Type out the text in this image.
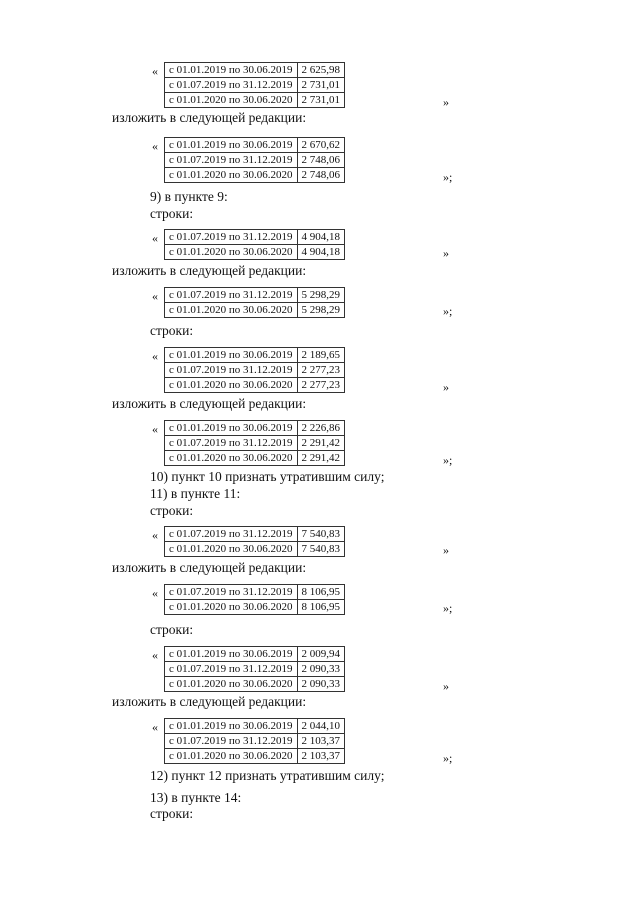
« с 01.01.2019 по 30.06.2019	2 625,98
с 01.07.2019 по 31.12.2019	2 731,01
с 01.01.2020 по 30.06.2020	2 731,01	»
изложить в следующей редакции:
« с 01.01.2019 по 30.06.2019	2 670,62
с 01.07.2019 по 31.12.2019	2 748,06
с 01.01.2020 по 30.06.2020	2 748,06	»;
9) в пункте 9:
строки:
« с 01.07.2019 по 31.12.2019	4 904,18
с 01.01.2020 по 30.06.2020	4 904,18	»
изложить в следующей редакции:
« с 01.07.2019 по 31.12.2019	5 298,29
с 01.01.2020 по 30.06.2020	5 298,29	»;
строки:
« с 01.01.2019 по 30.06.2019	2 189,65
с 01.07.2019 по 31.12.2019	2 277,23
с 01.01.2020 по 30.06.2020	2 277,23	»
изложить в следующей редакции:
« с 01.01.2019 по 30.06.2019	2 226,86
с 01.07.2019 по 31.12.2019	2 291,42
с 01.01.2020 по 30.06.2020	2 291,42	»;
10) пункт 10 признать утратившим силу;
11) в пункте 11:
строки:
« с 01.07.2019 по 31.12.2019	7 540,83
с 01.01.2020 по 30.06.2020	7 540,83	»
изложить в следующей редакции:
« с 01.07.2019 по 31.12.2019	8 106,95
с 01.01.2020 по 30.06.2020	8 106,95	»;
строки:
« с 01.01.2019 по 30.06.2019	2 009,94
с 01.07.2019 по 31.12.2019	2 090,33
с 01.01.2020 по 30.06.2020	2 090,33	»
изложить в следующей редакции:
« с 01.01.2019 по 30.06.2019	2 044,10
с 01.07.2019 по 31.12.2019	2 103,37
с 01.01.2020 по 30.06.2020	2 103,37	»;
12) пункт 12 признать утратившим силу;
13) в пункте 14:
строки:
